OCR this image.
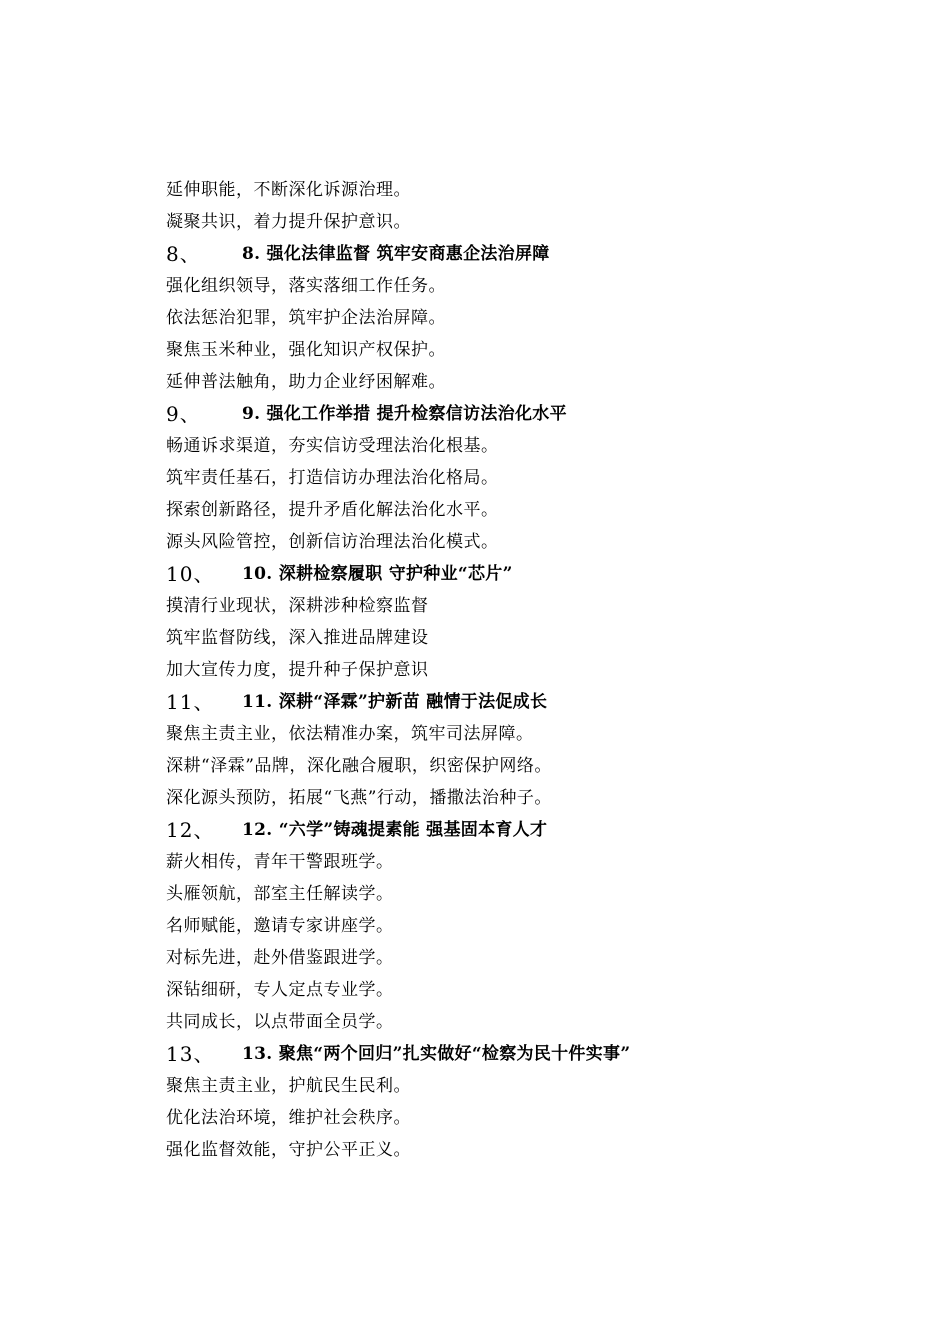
延伸职能，不断深化诉源治理。
凝聚共识，着力提升保护意识。
8、	8. 强化法律监督 筑牢安商惠企法治屏障
强化组织领导，落实落细工作任务。
依法惩治犯罪，筑牢护企法治屏障。
聚焦玉米种业，强化知识产权保护。
延伸普法触角，助力企业纾困解难。
9、	9. 强化工作举措 提升检察信访法治化水平
畅通诉求渠道，夯实信访受理法治化根基。
筑牢责任基石，打造信访办理法治化格局。
探索创新路径，提升矛盾化解法治化水平。
源头风险管控，创新信访治理法治化模式。
10、	10. 深耕检察履职 守护种业“芯片”
摸清行业现状，深耕涉种检察监督
筑牢监督防线，深入推进品牌建设
加大宣传力度，提升种子保护意识
11、	11. 深耕“泽霖”护新苗 融情于法促成长
聚焦主责主业，依法精准办案，筑牢司法屏障。
深耕“泽霖”品牌，深化融合履职，织密保护网络。
深化源头预防，拓展“飞燕”行动，播撒法治种子。
12、	12. “六学”铸魂提素能 强基固本育人才
薪火相传，青年干警跟班学。
头雁领航，部室主任解读学。
名师赋能，邀请专家讲座学。
对标先进，赴外借鉴跟进学。
深钻细研，专人定点专业学。
共同成长，以点带面全员学。
13、	13. 聚焦“两个回归”扎实做好“检察为民十件实事”
聚焦主责主业，护航民生民利。
优化法治环境，维护社会秩序。
强化监督效能，守护公平正义。
